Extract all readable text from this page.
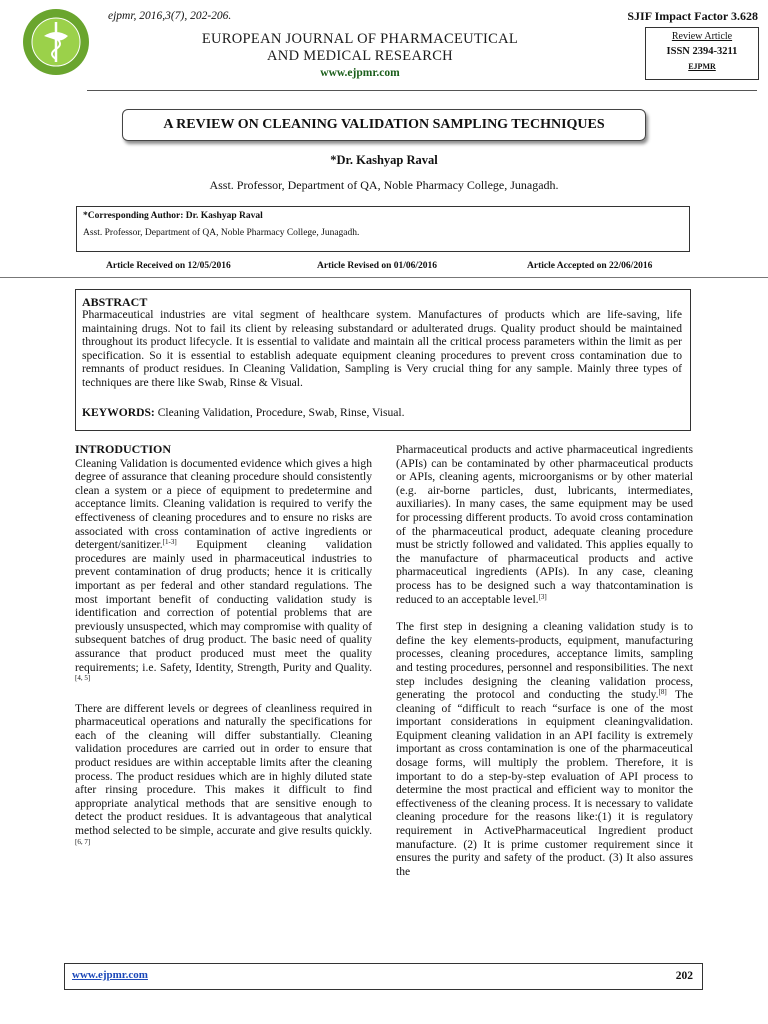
ejpmr, 2016,3(7), 202-206.	SJIF Impact Factor 3.628
EUROPEAN JOURNAL OF PHARMACEUTICAL
AND MEDICAL RESEARCH
www.ejpmr.com
Review Article
ISSN 2394-3211
EJPMR
A REVIEW ON CLEANING VALIDATION SAMPLING TECHNIQUES
*Dr. Kashyap Raval
Asst. Professor, Department of QA, Noble Pharmacy College, Junagadh.
*Corresponding Author: Dr. Kashyap Raval
Asst. Professor, Department of QA, Noble Pharmacy College, Junagadh.
Article Received on 12/05/2016	Article Revised on 01/06/2016	Article Accepted on 22/06/2016
ABSTRACT
Pharmaceutical industries are vital segment of healthcare system. Manufactures of products which are life-saving, life maintaining drugs. Not to fail its client by releasing substandard or adulterated drugs. Quality product should be maintained throughout its product lifecycle. It is essential to validate and maintain all the critical process parameters within the limit as per specification. So it is essential to establish adequate equipment cleaning procedures to prevent cross contamination due to remnants of product residues. In Cleaning Validation, Sampling is Very crucial thing for any sample. Mainly three types of techniques are there like Swab, Rinse & Visual.
KEYWORDS: Cleaning Validation, Procedure, Swab, Rinse, Visual.
INTRODUCTION

Cleaning Validation is documented evidence which gives a high degree of assurance that cleaning procedure should consistently clean a system or a piece of equipment to predetermine and acceptance limits. Cleaning validation is required to verify the effectiveness of cleaning procedures and to ensure no risks are associated with cross contamination of active ingredients or detergent/sanitizer.[1-3] Equipment cleaning validation procedures are mainly used in pharmaceutical industries to prevent contamination of drug products; hence it is critically important as per federal and other standard regulations. The most important benefit of conducting validation study is identification and correction of potential problems that are previously unsuspected, which may compromise with quality of subsequent batches of drug product. The basic need of quality assurance that product produced must meet the quality requirements; i.e. Safety, Identity, Strength, Purity and Quality.[4, 5]

There are different levels or degrees of cleanliness required in pharmaceutical operations and naturally the specifications for each of the cleaning will differ substantially. Cleaning validation procedures are carried out in order to ensure that product residues are within acceptable limits after the cleaning process. The product residues which are in highly diluted state after rinsing procedure. This makes it difficult to find appropriate analytical methods that are sensitive enough to detect the product residues. It is advantageous that analytical method selected to be simple, accurate and give results quickly.[6, 7]

Pharmaceutical products and active pharmaceutical ingredients (APIs) can be contaminated by other pharmaceutical products or APIs, cleaning agents, microorganisms or by other material (e.g. air-borne particles, dust, lubricants, intermediates, auxiliaries). In many cases, the same equipment may be used for processing different products. To avoid cross contamination of the pharmaceutical product, adequate cleaning procedure must be strictly followed and validated. This applies equally to the manufacture of pharmaceutical products and active pharmaceutical ingredients (APIs). In any case, cleaning process has to be designed such a way thatcontamination is reduced to an acceptable level.[3]

The first step in designing a cleaning validation study is to define the key elements-products, equipment, manufacturing processes, cleaning procedures, acceptance limits, sampling and testing procedures, personnel and responsibilities. The next step includes designing the cleaning validation process, generating the protocol and conducting the study.[8] The cleaning of “difficult to reach “surface is one of the most important considerations in equipment cleaningvalidation. Equipment cleaning validation in an API facility is extremely important as cross contamination is one of the pharmaceutical dosage forms, will multiply the problem. Therefore, it is important to do a step-by-step evaluation of API process to determine the most practical and efficient way to monitor the effectiveness of the cleaning process. It is necessary to validate cleaning procedure for the reasons like:(1) it is regulatory requirement in ActivePharmaceutical Ingredient product manufacture. (2) It is prime customer requirement since it ensures the purity and safety of the product. (3) It also assures the

www.ejpmr.com	202
